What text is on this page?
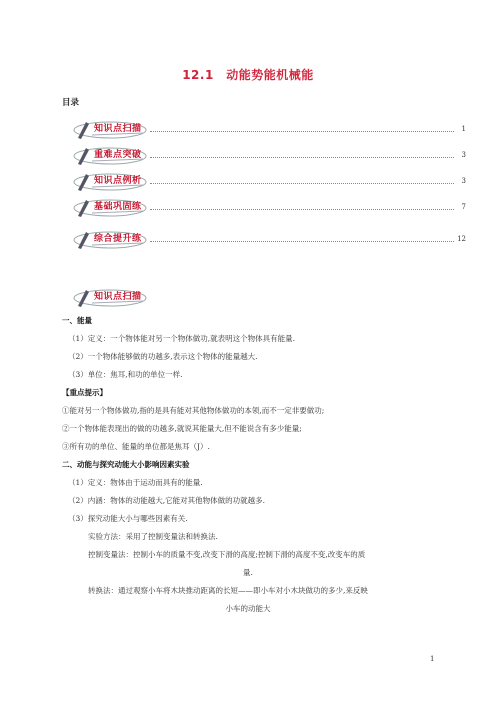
12.1　动能势能机械能
目录
知识点扫描	1
重难点突破	3
知识点例析	3
基础巩固练	7
综合提升练	12
知识点扫描
一、能量
（1）定义：一个物体能对另一个物体做功,就表明这个物体具有能量.
（2）一个物体能够做的功越多,表示这个物体的能量越大.
（3）单位：焦耳,和功的单位一样.
【重点提示】
①能对另一个物体做功,指的是具有能对其他物体做功的本领,而不一定非要做功;
②一个物体能表现出的做的功越多,就说其能量大,但不能说含有多少能量;
③所有功的单位、能量的单位都是焦耳（J）.
二、动能与探究动能大小影响因素实验
（1）定义：物体由于运动而具有的能量.
（2）内涵：物体的动能越大,它能对其他物体做的功就越多.
（3）探究动能大小与哪些因素有关.
实验方法：采用了控制变量法和转换法.
控制变量法：控制小车的质量不变,改变下滑的高度;控制下滑的高度不变,改变车的质
量.
转换法：通过观察小车将木块推动距离的长短——即小车对小木块做功的多少,来反映
小车的动能大
1
